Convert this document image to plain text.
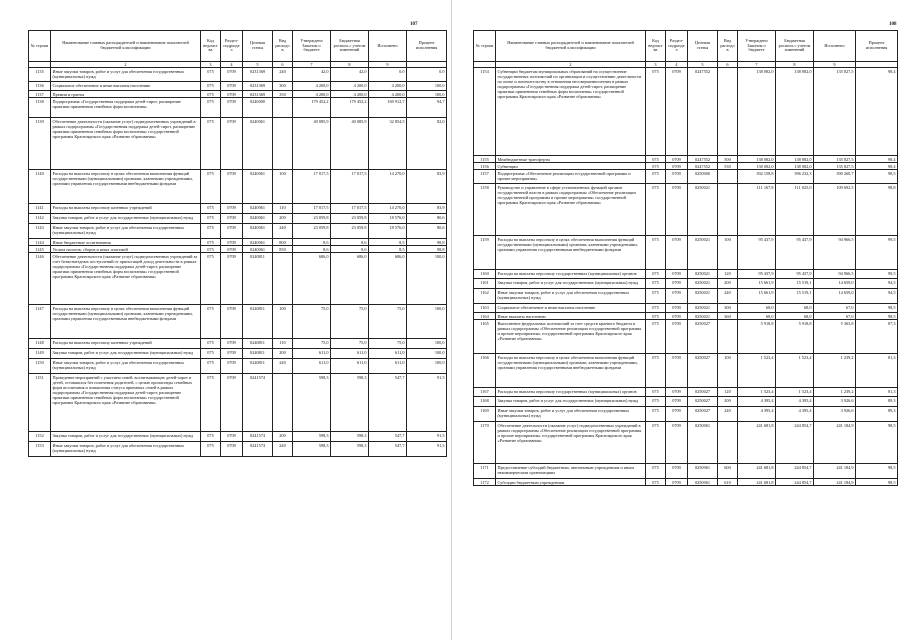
107
№ строки	Наименование главных распорядителей и наименование показателей бюджетной классификации	Код ведомства	Раздел-подраздел	Целевая статья	Вид расходов	Утверждено Законом о бюджете	Бюджетная роспись с учетом изменений	Исполнено	Процент исполнения
	2	3	4	5	6	7	8	9	
1135	Иные закупки товаров, работ и услуг для обеспечения государственных (муниципальных) нужд	075	0709	0231369	240	42,0	42,0	0,0	0,0
1136	Социальное обеспечение и иные выплаты населению	075	0709	0231369	300	4 200,0	4 200,0	4 200,0	100,0
1137	Премии и гранты	075	0709	0231369	350	4 200,0	4 200,0	4 200,0	100,0
1138	Подпрограмма «Государственная поддержка детей-сирот, расширение практики применения семейных форм воспитания»	075	0709	0240000		179 452,2	179 452,2	169 912,7	94,7
1139	Обеспечение деятельности (оказание услуг) подведомственных учреждений в рамках подпрограммы «Государственная поддержка детей-сирот, расширение практики применения семейных форм воспитания» государственной программы Красноярского края «Развитие образования»	075	0709	0240061		40 085,9	40 085,9	32 854,5	82,0
1140	Расходы на выплаты персоналу в целях обеспечения выполнения функций государственными (муниципальными) органами, казенными учреждениями, органами управления государственными внебюджетными фондами	075	0709	0240061	100	17 017,5	17 017,5	14 270,0	83,9
1141	Расходы на выплаты персоналу казенных учреждений	075	0709	0240061	110	17 017,5	17 017,5	14 270,0	83,9
1142	Закупка товаров, работ и услуг для государственных (муниципальных) нужд	075	0709	0240061	200	23 059,8	23 059,8	18 576,0	80,6
1143	Иные закупки товаров, работ и услуг для обеспечения государственных (муниципальных) нужд	075	0709	0240061	240	23 059,8	23 059,8	18 576,0	80,6
1144	Иные бюджетные ассигнования	075	0709	0240061	800	8,6	8,6	8,5	98,8
1145	Уплата налогов, сборов и иных платежей	075	0709	0240061	850	8,6	8,6	8,5	98,8
1146	Обеспечение деятельности (оказание услуг) подведомственных учреждений за счет безвозмездных поступлений от приносящей доход деятельности в рамках подпрограммы «Государственная поддержка детей-сирот, расширение практики применения семейных форм воспитания» государственной программы Красноярского края «Развитие образования»	075	0709	0240811		686,0	686,0	686,0	100,0
1147	Расходы на выплаты персоналу в целях обеспечения выполнения функций государственными (муниципальными) органами, казенными учреждениями, органами управления государственными внебюджетными фондами	075	0709	0240811	100	75,0	75,0	75,0	100,0
1148	Расходы на выплаты персоналу казенных учреждений	075	0709	0240811	110	75,0	75,0	75,0	100,0
1149	Закупка товаров, работ и услуг для государственных (муниципальных) нужд	075	0709	0240811	200	611,0	611,0	611,0	100,0
1150	Иные закупки товаров, работ и услуг для обеспечения государственных (муниципальных) нужд	075	0709	0240811	240	611,0	611,0	611,0	100,0
1151	Проведение мероприятий с участием семей, воспитывающих детей-сирот и детей, оставшихся без попечения родителей, с целью пропаганды семейных форм воспитания и повышения статуса приемных семей в рамках подпрограммы «Государственная поддержка детей-сирот, расширение практики применения семейных форм воспитания» государственной программы Красноярского края «Развитие образования»	075	0709	0241574		598,3	598,3	547,7	91,5
1152	Закупка товаров, работ и услуг для государственных (муниципальных) нужд	075	0709	0241574	200	598,3	598,3	547,7	91,5
1153	Иные закупки товаров, работ и услуг для обеспечения государственных (муниципальных) нужд	075	0709	0241574	240	598,3	598,3	547,7	91,5
108
№ строки	Наименование главных распорядителей и наименование показателей бюджетной классификации	Код ведомства	Раздел-подраздел	Целевая статья	Вид расходов	Утверждено Законом о бюджете	Бюджетная роспись с учетом изменений	Исполнено	Процент исполнения
	2	3	4	5	6	7	8	9	
1154	Субвенции бюджетам муниципальных образований на осуществление государственных полномочий по организации и осуществлению деятельности по опеке и попечительству в отношении несовершеннолетних в рамках подпрограммы «Государственная поддержка детей-сирот, расширение практики применения семейных форм воспитания» государственной программы Красноярского края «Развитие образования»	075	0709	0247552		138 082,0	138 082,0	135 827,5	98,4
1155	Межбюджетные трансферты	075	0709	0247552	500	138 082,0	138 082,0	135 827,5	98,4
1156	Субвенции	075	0709	0247552	530	138 082,0	138 082,0	135 827,5	98,4
1157	Подпрограмма «Обеспечение реализации государственной программы и прочие мероприятия»	075	0709	0250000		392 158,8	396 232,3	390 260,7	98,5
1158	Руководство и управление в сфере установленных функций органов государственной власти в рамках подпрограммы «Обеспечение реализации государственной программы и прочие мероприятия» государственной программы Красноярского края «Развитие образования»	075	0709	0250021		111 167,8	111 025,0	109 692,5	98,8
1159	Расходы на выплаты персоналу в целях обеспечения выполнения функций государственными (муниципальными) органами, казенными учреждениями, органами управления государственными внебюджетными фондами	075	0709	0250021	100	95 437,9	95 437,9	94 966,5	99,5
1160	Расходы на выплаты персоналу государственных (муниципальных) органов	075	0709	0250021	120	95 437,9	95 437,9	94 966,5	99,5
1161	Закупка товаров, работ и услуг для государственных (муниципальных) нужд	075	0709	0250021	200	15 661,9	15 519,1	14 659,0	94,5
1162	Иные закупки товаров, работ и услуг для обеспечения государственных (муниципальных) нужд	075	0709	0250021	240	15 661,9	15 519,1	14 659,0	94,5
1163	Социальное обеспечение и иные выплаты населению	075	0709	0250021	300	68,0	68,0	67,0	98,5
1164	Иные выплаты населению	075	0709	0250021	360	68,0	68,0	67,0	98,5
1165	Выполнение федеральных полномочий за счет средств краевого бюджета в рамках подпрограммы «Обеспечение реализации государственной программы и прочие мероприятия» государственной программы Красноярского края «Развитие образования»	075	0709	0250027		5 918,8	5 918,8	5 363,8	87,3
1166	Расходы на выплаты персоналу в целях обеспечения выполнения функций государственными (муниципальными) органами, казенными учреждениями, органами управления государственными внебюджетными фондами	075	0709	0250027	100	1 523,4	1 523,4	1 239,2	81,3
1167	Расходы на выплаты персоналу государственных (муниципальных) органов	075	0709	0250027	120	1 523,4	1 523,4	1 239,2	81,3
1168	Закупка товаров, работ и услуг для государственных (муниципальных) нужд	075	0709	0250027	200	4 395,4	4 395,4	3 926,6	89,3
1169	Иные закупки товаров, работ и услуг для обеспечения государственных (муниципальных) нужд	075	0709	0250027	240	4 395,4	4 395,4	3 926,6	89,3
1170	Обеспечение деятельности (оказание услуг) подведомственных учреждений в рамках подпрограммы «Обеспечение реализации государственной программы и прочие мероприятия» государственной программы Красноярского края «Развитие образования»	075	0709	0250061		241 681,8	244 854,7	241 184,9	98,5
1171	Предоставление субсидий бюджетным, автономным учреждениям и иным некоммерческим организациям	075	0709	0250061	600	241 681,8	244 854,7	241 184,9	98,5
1172	Субсидии бюджетным учреждениям	075	0709	0250061	610	241 681,8	244 854,7	241 184,9	98,5
